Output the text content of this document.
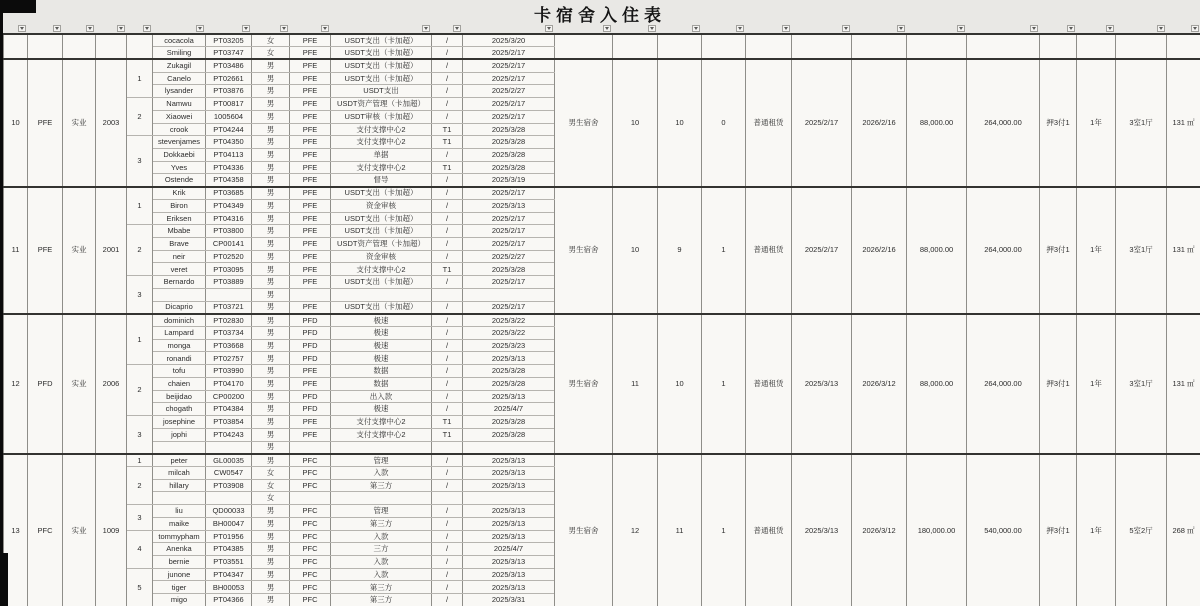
卡宿舍入住表
					cocacola	PT03205	女	PFE	USDT支出（卡加超）	/	2025/3/20													
					Smiling	PT03747	女	PFE	USDT支出（卡加超）	/	2025/2/17													
10	PFE	实业	2003	1	Zukagil	PT03486	男	PFE	USDT支出（卡加超）	/	2025/2/17	男生宿舍	10	10	0	普通租赁	2025/2/17	2026/2/16	88,000.00	264,000.00	押3付1	1年	3室1厅	131 ㎡
					Canelo	PT02661	男	PFE	USDT支出（卡加超）	/	2025/2/17													
					lysander	PT03876	男	PFE	USDT支出	/	2025/2/27													
				2	Namwu	PT00817	男	PFE	USDT资产管理（卡加超）	/	2025/2/17													
					Xiaowei	1005604	男	PFE	USDT审核（卡加超）	/	2025/2/17													
					crook	PT04244	男	PFE	支付支撑中心2	T1	2025/3/28													
				3	stevenjames	PT04350	男	PFE	支付支撑中心2	T1	2025/3/28													
					Dokkaebi	PT04113	男	PFE	单据	/	2025/3/28													
					Yves	PT04336	男	PFE	支付支撑中心2	T1	2025/3/28													
					Ostende	PT04358	男	PFE	督导	/	2025/3/19													
11	PFE	实业	2001	1	Krik	PT03685	男	PFE	USDT支出（卡加超）	/	2025/2/17	男生宿舍	10	9	1	普通租赁	2025/2/17	2026/2/16	88,000.00	264,000.00	押3付1	1年	3室1厅	131 ㎡
					Biron	PT04349	男	PFE	资金审核	/	2025/3/13													
					Eriksen	PT04316	男	PFE	USDT支出（卡加超）	/	2025/2/17													
				2	Mbabe	PT03800	男	PFE	USDT支出（卡加超）	/	2025/2/17													
					Brave	CP00141	男	PFE	USDT资产管理（卡加超）	/	2025/2/17													
					neir	PT02520	男	PFE	资金审核	/	2025/2/27													
					veret	PT03095	男	PFE	支付支撑中心2	T1	2025/3/28													
				3	Bernardo	PT03889	男	PFE	USDT支出（卡加超）	/	2025/2/17													
							男																	
					Dicaprio	PT03721	男	PFE	USDT支出（卡加超）	/	2025/2/17													
12	PFD	实业	2006	1	dominich	PT02830	男	PFD	极速	/	2025/3/22	男生宿舍	11	10	1	普通租赁	2025/3/13	2026/3/12	88,000.00	264,000.00	押3付1	1年	3室1厅	131 ㎡
					Lampard	PT03734	男	PFD	极速	/	2025/3/22													
					monga	PT03668	男	PFD	极速	/	2025/3/23													
					ronandi	PT02757	男	PFD	极速	/	2025/3/13													
				2	tofu	PT03990	男	PFE	数据	/	2025/3/28													
					chaien	PT04170	男	PFE	数据	/	2025/3/28													
					beijidao	CP00200	男	PFD	出入款	/	2025/3/13													
					chogath	PT04384	男	PFD	极速	/	2025/4/7													
				3	josephine	PT03854	男	PFE	支付支撑中心2	T1	2025/3/28													
					jophi	PT04243	男	PFE	支付支撑中心2	T1	2025/3/28													
							男																	
13	PFC	实业	1009	1	peter	GL00035	男	PFC	管理	/	2025/3/13	男生宿舍	12	11	1	普通租赁	2025/3/13	2026/3/12	180,000.00	540,000.00	押3付1	1年	5室2厅	268 ㎡
				2	milcah	CW0547	女	PFC	入款	/	2025/3/13													
					hillary	PT03908	女	PFC	第三方	/	2025/3/13													
							女																	
				3	liu	QD00033	男	PFC	管理	/	2025/3/13													
					maike	BH00047	男	PFC	第三方	/	2025/3/13													
				4	tommypham	PT01956	男	PFC	入款	/	2025/3/13													
					Anenka	PT04385	男	PFC	三方	/	2025/4/7													
					bernie	PT03551	男	PFC	入款	/	2025/3/13													
				5	junone	PT04347	男	PFC	入款	/	2025/3/13													
					tiger	BH00053	男	PFC	第三方	/	2025/3/13													
					migo	PT04366	男	PFC	第三方	/	2025/3/31													
